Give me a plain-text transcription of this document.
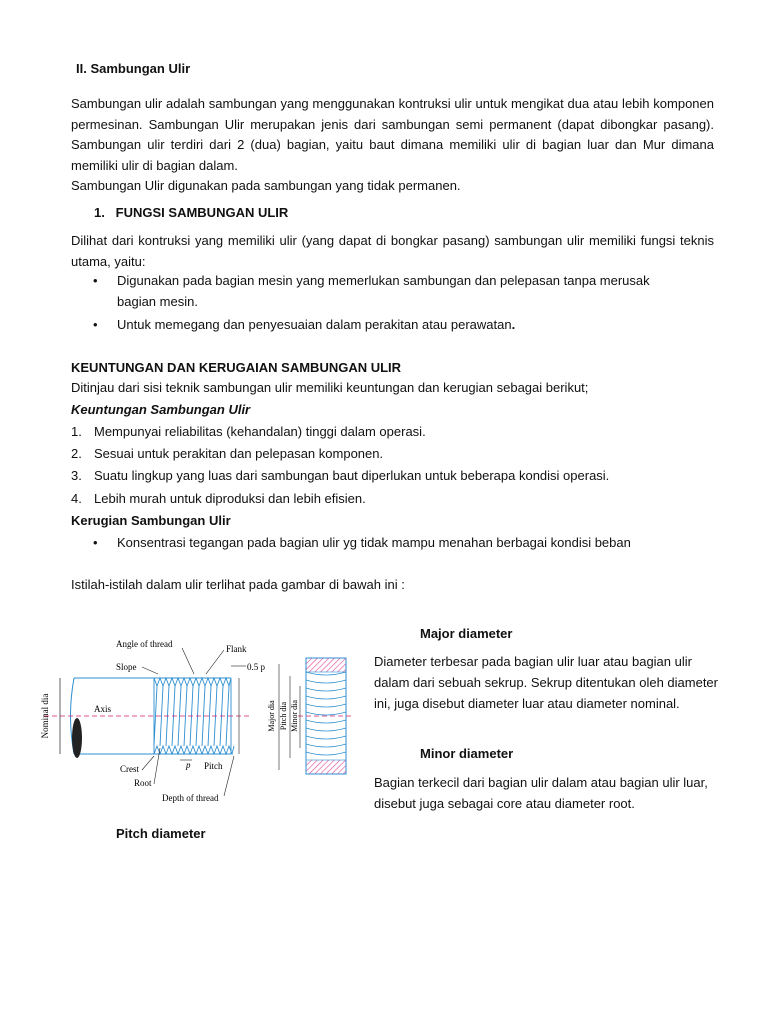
II. Sambungan Ulir
Sambungan ulir adalah sambungan yang menggunakan kontruksi ulir untuk mengikat dua atau lebih komponen permesinan. Sambungan Ulir merupakan jenis dari sambungan semi permanent (dapat dibongkar pasang). Sambungan ulir terdiri dari 2 (dua) bagian, yaitu baut dimana memiliki ulir di bagian luar dan Mur dimana memiliki ulir di bagian dalam.
Sambungan Ulir digunakan pada sambungan yang tidak permanen.
1.   FUNGSI SAMBUNGAN ULIR
Dilihat dari kontruksi yang memiliki ulir (yang dapat di bongkar pasang) sambungan ulir memiliki fungsi teknis utama, yaitu:
• Digunakan pada bagian mesin yang memerlukan sambungan dan pelepasan tanpa merusak
bagian mesin.
• Untuk memegang dan penyesuaian dalam perakitan atau perawatan.
KEUNTUNGAN DAN KERUGAIAN SAMBUNGAN ULIR
Ditinjau dari sisi teknik sambungan ulir memiliki keuntungan dan kerugian sebagai berikut;
Keuntungan Sambungan Ulir
1. Mempunyai reliabilitas (kehandalan) tinggi dalam operasi.
2. Sesuai untuk perakitan dan pelepasan komponen.
3. Suatu lingkup yang luas dari sambungan baut diperlukan untuk beberapa kondisi operasi.
4. Lebih murah untuk diproduksi dan lebih efisien.
Kerugian Sambungan Ulir
• Konsentrasi tegangan pada bagian ulir yg tidak mampu menahan berbagai kondisi beban
Istilah-istilah dalam ulir terlihat pada gambar di bawah ini :
Nominal dia	Axis
Angle of thread	Flank
Slope	0.5 p
Crest
Root
p Pitch
Depth of thread
Major dia Pitch dia Minor dia
Major diameter
Diameter terbesar pada bagian ulir luar atau bagian ulir dalam dari sebuah sekrup. Sekrup ditentukan oleh diameter ini, juga disebut diameter luar atau diameter nominal.
Minor diameter
Bagian terkecil dari bagian ulir dalam atau bagian ulir luar, disebut juga sebagai core atau diameter root.
Pitch diameter
